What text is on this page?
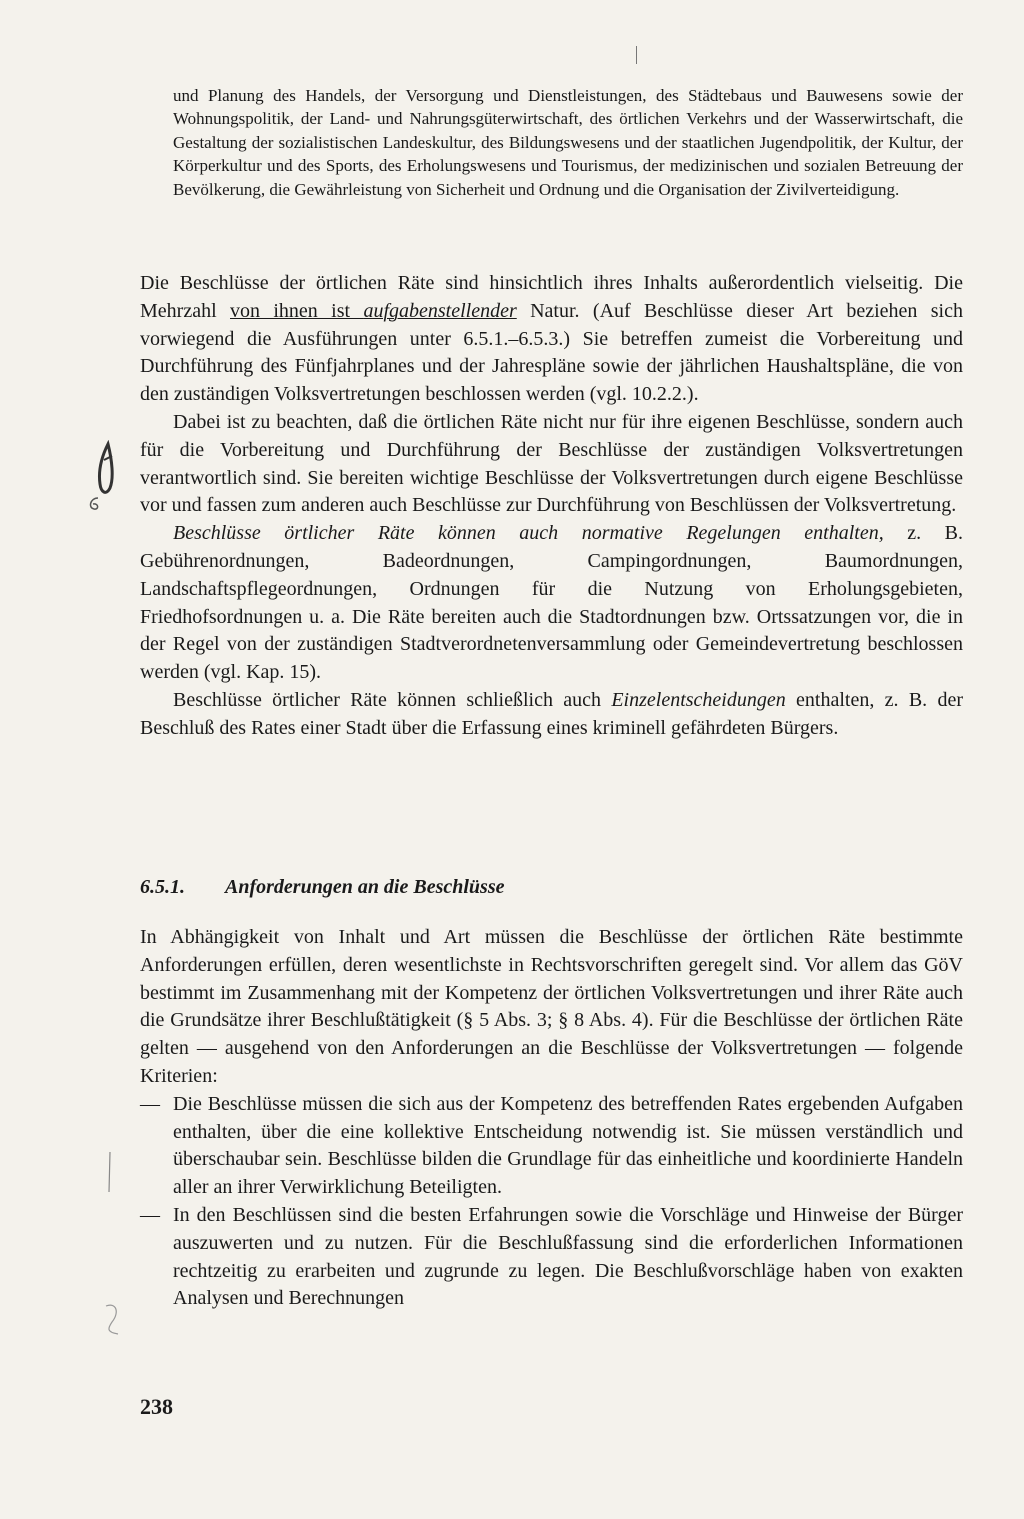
und Planung des Handels, der Versorgung und Dienstleistungen, des Städtebaus und Bauwesens sowie der Wohnungspolitik, der Land- und Nahrungsgüterwirtschaft, des örtlichen Verkehrs und der Wasserwirtschaft, die Gestaltung der sozialistischen Landeskultur, des Bildungswesens und der staatlichen Jugendpolitik, der Kultur, der Körperkultur und des Sports, des Erholungswesens und Tourismus, der medizinischen und sozialen Betreuung der Bevölkerung, die Gewährleistung von Sicherheit und Ordnung und die Organisation der Zivilverteidigung.

Die Beschlüsse der örtlichen Räte sind hinsichtlich ihres Inhalts außerordentlich vielseitig. Die Mehrzahl von ihnen ist aufgabenstellender Natur. (Auf Beschlüsse dieser Art beziehen sich vorwiegend die Ausführungen unter 6.5.1.–6.5.3.) Sie betreffen zumeist die Vorbereitung und Durchführung des Fünfjahrplanes und der Jahrespläne sowie der jährlichen Haushaltspläne, die von den zuständigen Volksvertretungen beschlossen werden (vgl. 10.2.2.).

Dabei ist zu beachten, daß die örtlichen Räte nicht nur für ihre eigenen Beschlüsse, sondern auch für die Vorbereitung und Durchführung der Beschlüsse der zuständigen Volksvertretungen verantwortlich sind. Sie bereiten wichtige Beschlüsse der Volksvertretungen durch eigene Beschlüsse vor und fassen zum anderen auch Beschlüsse zur Durchführung von Beschlüssen der Volksvertretung.

Beschlüsse örtlicher Räte können auch normative Regelungen enthalten, z. B. Gebührenordnungen, Badeordnungen, Campingordnungen, Baumordnungen, Landschaftspflegeordnungen, Ordnungen für die Nutzung von Erholungsgebieten, Friedhofsordnungen u. a. Die Räte bereiten auch die Stadtordnungen bzw. Ortssatzungen vor, die in der Regel von der zuständigen Stadtverordnetenversammlung oder Gemeindevertretung beschlossen werden (vgl. Kap. 15).

Beschlüsse örtlicher Räte können schließlich auch Einzelentscheidungen enthalten, z. B. der Beschluß des Rates einer Stadt über die Erfassung eines kriminell gefährdeten Bürgers.

6.5.1. Anforderungen an die Beschlüsse

In Abhängigkeit von Inhalt und Art müssen die Beschlüsse der örtlichen Räte bestimmte Anforderungen erfüllen, deren wesentlichste in Rechtsvorschriften geregelt sind. Vor allem das GöV bestimmt im Zusammenhang mit der Kompetenz der örtlichen Volksvertretungen und ihrer Räte auch die Grundsätze ihrer Beschlußtätigkeit (§ 5 Abs. 3; § 8 Abs. 4). Für die Beschlüsse der örtlichen Räte gelten — ausgehend von den Anforderungen an die Beschlüsse der Volksvertretungen — folgende Kriterien:

— Die Beschlüsse müssen die sich aus der Kompetenz des betreffenden Rates ergebenden Aufgaben enthalten, über die eine kollektive Entscheidung notwendig ist. Sie müssen verständlich und überschaubar sein. Beschlüsse bilden die Grundlage für das einheitliche und koordinierte Handeln aller an ihrer Verwirklichung Beteiligten.
— In den Beschlüssen sind die besten Erfahrungen sowie die Vorschläge und Hinweise der Bürger auszuwerten und zu nutzen. Für die Beschlußfassung sind die erforderlichen Informationen rechtzeitig zu erarbeiten und zugrunde zu legen. Die Beschlußvorschläge haben von exakten Analysen und Berechnungen
238
